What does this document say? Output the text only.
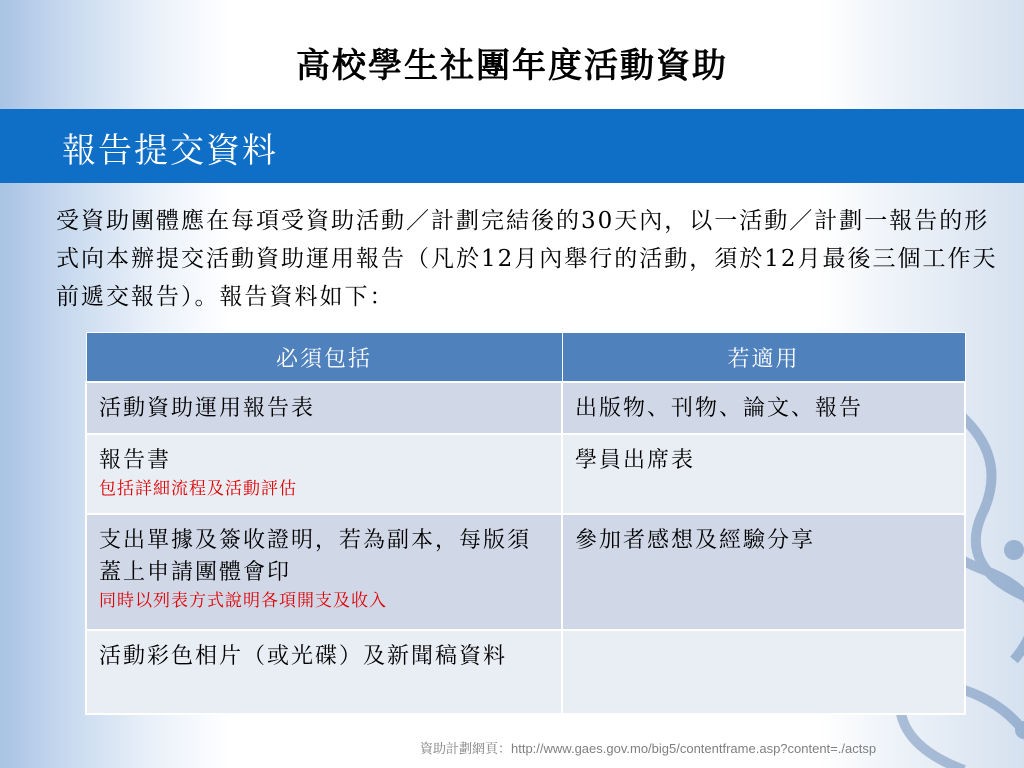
高校學生社團年度活動資助
報告提交資料

受資助團體應在每項受資助活動／計劃完結後的30天內，以一活動／計劃一報告的形式向本辦提交活動資助運用報告（凡於12月內舉行的活動，須於12月最後三個工作天前遞交報告）。報告資料如下：

必須包括	若適用
活動資助運用報告表	出版物、刊物、論文、報告
報告書
包括詳細流程及活動評估	學員出席表
支出單據及簽收證明，若為副本，每版須蓋上申請團體會印
同時以列表方式說明各項開支及收入	參加者感想及經驗分享
活動彩色相片（或光碟）及新聞稿資料	

資助計劃網頁：http://www.gaes.gov.mo/big5/contentframe.asp?content=./actsp
